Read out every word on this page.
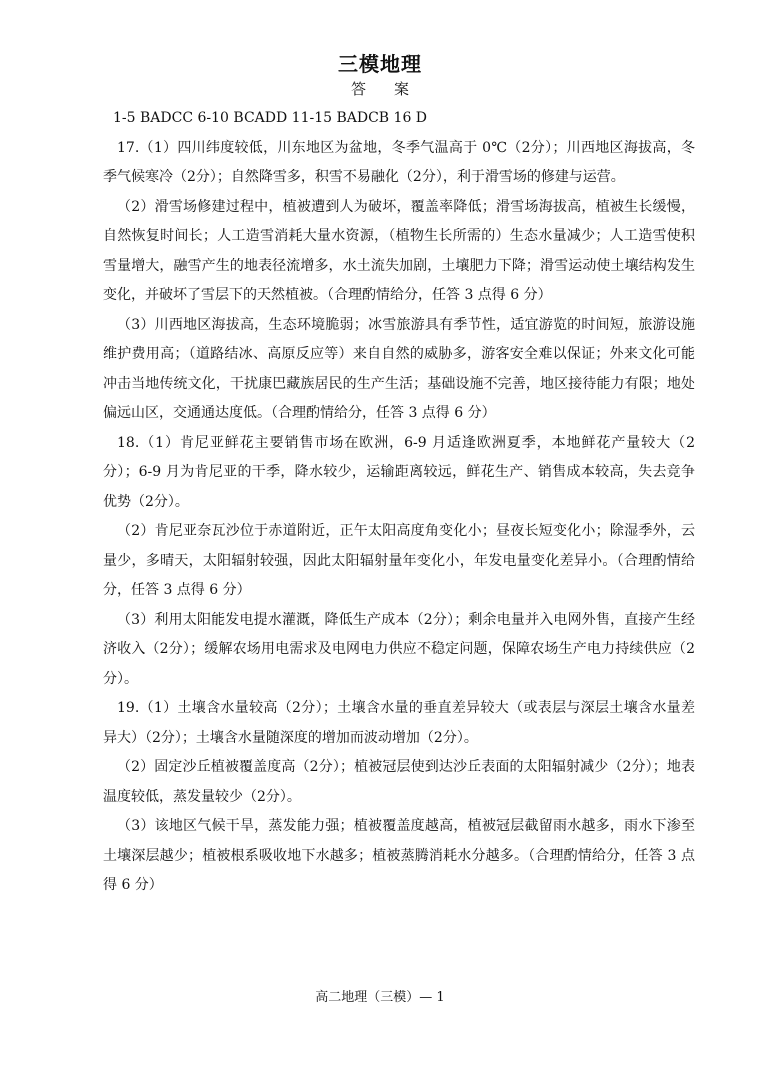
三模地理
答案

1-5 BADCC 6-10 BCADD 11-15 BADCB 16 D

17.（1）四川纬度较低，川东地区为盆地，冬季气温高于 0℃（2分）；川西地区海拔高，冬季气候寒冷（2分）；自然降雪多，积雪不易融化（2分），利于滑雪场的修建与运营。

（2）滑雪场修建过程中，植被遭到人为破坏，覆盖率降低；滑雪场海拔高，植被生长缓慢，自然恢复时间长；人工造雪消耗大量水资源，（植物生长所需的）生态水量减少；人工造雪使积雪量增大，融雪产生的地表径流增多，水土流失加剧，土壤肥力下降；滑雪运动使土壤结构发生变化，并破坏了雪层下的天然植被。（合理酌情给分，任答 3 点得 6 分）

（3）川西地区海拔高，生态环境脆弱；冰雪旅游具有季节性，适宜游览的时间短，旅游设施维护费用高；（道路结冰、高原反应等）来自自然的威胁多，游客安全难以保证；外来文化可能冲击当地传统文化，干扰康巴藏族居民的生产生活；基础设施不完善，地区接待能力有限；地处偏远山区，交通通达度低。（合理酌情给分，任答 3 点得 6 分）

18.（1）肯尼亚鲜花主要销售市场在欧洲，6-9 月适逢欧洲夏季，本地鲜花产量较大（2分）；6-9 月为肯尼亚的干季，降水较少，运输距离较远，鲜花生产、销售成本较高，失去竞争优势（2分）。

（2）肯尼亚奈瓦沙位于赤道附近，正午太阳高度角变化小；昼夜长短变化小；除湿季外，云量少，多晴天，太阳辐射较强，因此太阳辐射量年变化小，年发电量变化差异小。（合理酌情给分，任答 3 点得 6 分）

（3）利用太阳能发电提水灌溉，降低生产成本（2分）；剩余电量并入电网外售，直接产生经济收入（2分）；缓解农场用电需求及电网电力供应不稳定问题，保障农场生产电力持续供应（2分）。

19.（1）土壤含水量较高（2分）；土壤含水量的垂直差异较大（或表层与深层土壤含水量差异大）（2分）；土壤含水量随深度的增加而波动增加（2分）。

（2）固定沙丘植被覆盖度高（2分）；植被冠层使到达沙丘表面的太阳辐射减少（2分）；地表温度较低，蒸发量较少（2分）。

（3）该地区气候干旱，蒸发能力强；植被覆盖度越高，植被冠层截留雨水越多，雨水下渗至土壤深层越少；植被根系吸收地下水越多；植被蒸腾消耗水分越多。（合理酌情给分，任答 3 点得 6 分）

高二地理（三模）— 1
